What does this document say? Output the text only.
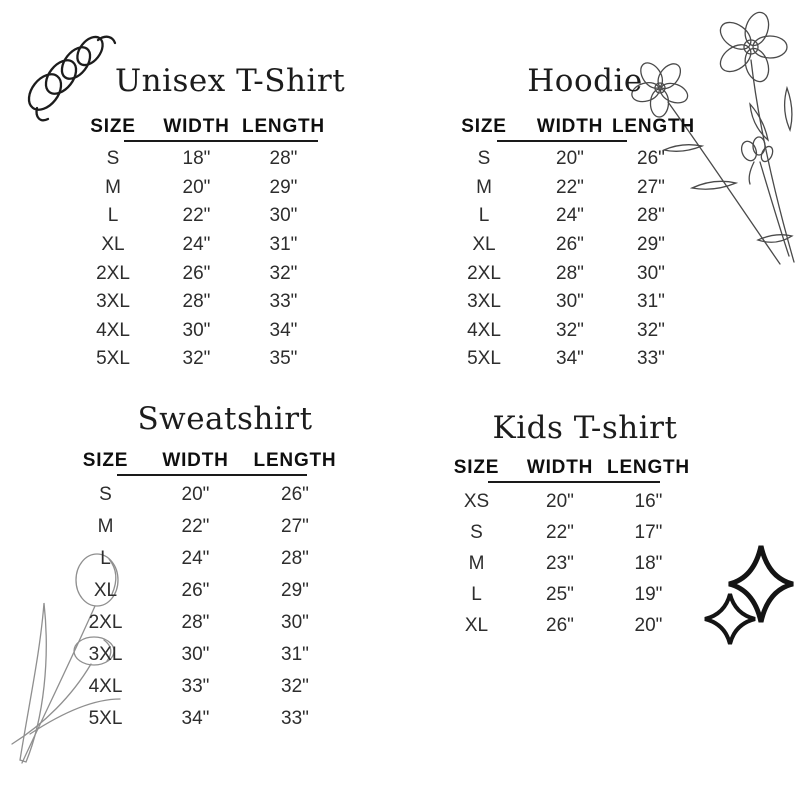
Unisex T-Shirt
SIZE	WIDTH LENGTH
S	18"	28"
M	20"	29"
L	22"	30"
XL	24"	31"
2XL	26"	32"
3XL	28"	33"
4XL	30"	34"
5XL	32"	35"
Hoodie
SIZE	WIDTH LENGTH
S	20"	26"
M	22"	27"
L	24"	28"
XL	26"	29"
2XL	28"	30"
3XL	30"	31"
4XL	32"	32"
5XL	34"	33"
Sweatshirt
SIZE	WIDTH	LENGTH
S	20"	26"
M	22"	27"
L	24"	28"
XL	26"	29"
2XL	28"	30"
3XL	30"	31"
4XL	33"	32"
5XL	34"	33"
Kids T-shirt
SIZE	WIDTH LENGTH
XS	20"	16"
S	22"	17"
M	23"	18"
L	25"	19"
XL	26"	20"
